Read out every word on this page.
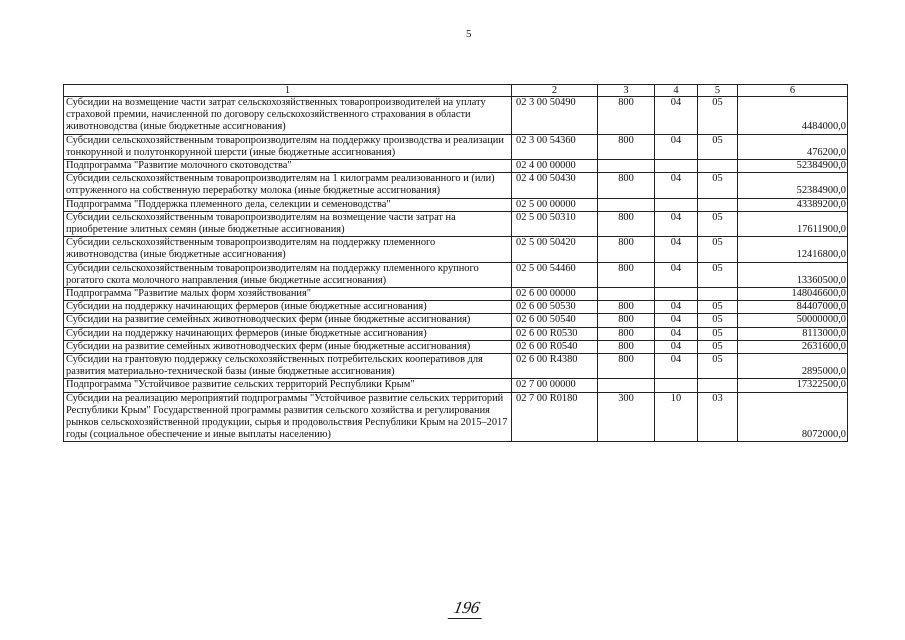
5
1	2	3	4	5	6
Субсидии на возмещение части затрат сельскохозяйственных товаропроизводителей на уплату страховой премии, начисленной по договору сельскохозяйственного страхования в области животноводства (иные бюджетные ассигнования)	02 3 00 50490	800	04	05	4484000,0
Субсидии сельскохозяйственным товаропроизводителям на поддержку производства и реализации тонкорунной и полутонкорунной шерсти (иные бюджетные ассигнования)	02 3 00 54360	800	04	05	476200,0
Подпрограмма "Развитие молочного скотоводства"	02 4 00 00000				52384900,0
Субсидии сельскохозяйственным товаропроизводителям на 1 килограмм реализованного и (или) отгруженного на собственную переработку молока (иные бюджетные ассигнования)	02 4 00 50430	800	04	05	52384900,0
Подпрограмма "Поддержка племенного дела, селекции и семеноводства"	02 5 00 00000				43389200,0
Субсидии сельскохозяйственным товаропроизводителям на возмещение части затрат на приобретение элитных семян (иные бюджетные ассигнования)	02 5 00 50310	800	04	05	17611900,0
Субсидии сельскохозяйственным товаропроизводителям на поддержку племенного животноводства (иные бюджетные ассигнования)	02 5 00 50420	800	04	05	12416800,0
Субсидии сельскохозяйственным товаропроизводителям на поддержку племенного крупного рогатого скота молочного направления (иные бюджетные ассигнования)	02 5 00 54460	800	04	05	13360500,0
Подпрограмма "Развитие малых форм хозяйствования"	02 6 00 00000				148046600,0
Субсидии на поддержку начинающих фермеров (иные бюджетные ассигнования)	02 6 00 50530	800	04	05	84407000,0
Субсидии на развитие семейных животноводческих ферм (иные бюджетные ассигнования)	02 6 00 50540	800	04	05	50000000,0
Субсидии на поддержку начинающих фермеров (иные бюджетные ассигнования)	02 6 00 R0530	800	04	05	8113000,0
Субсидии на развитие семейных животноводческих ферм (иные бюджетные ассигнования)	02 6 00 R0540	800	04	05	2631600,0
Субсидии на грантовую поддержку сельскохозяйственных потребительских кооперативов для развития материально-технической базы (иные бюджетные ассигнования)	02 6 00 R4380	800	04	05	2895000,0
Подпрограмма "Устойчивое развитие сельских территорий Республики Крым"	02 7 00 00000				17322500,0
Субсидии на реализацию мероприятий подпрограммы "Устойчивое развитие сельских территорий Республики Крым" Государственной программы развития сельского хозяйства и регулирования рынков сельскохозяйственной продукции, сырья и продовольствия Республики Крым на 2015–2017 годы (социальное обеспечение и иные выплаты населению)	02 7 00 R0180	300	10	03	8072000,0
196
